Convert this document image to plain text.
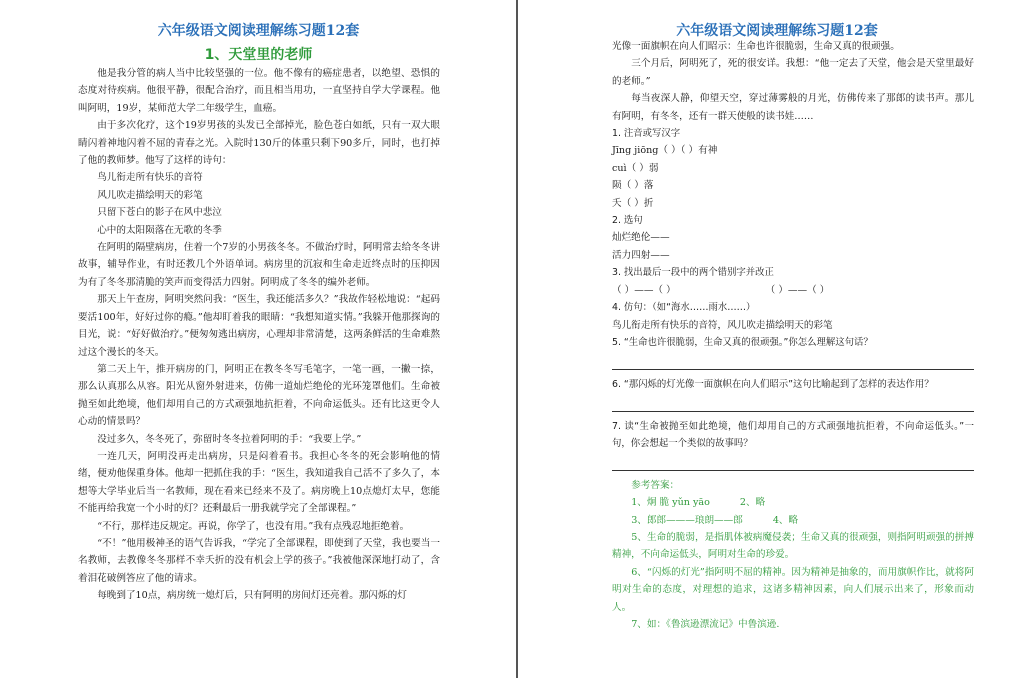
六年级语文阅读理解练习题12套
1、天堂里的老师

他是我分管的病人当中比较坚强的一位。他不像有的癌症患者，以绝望、恐惧的态度对待疾病。他很平静，很配合治疗，而且相当用功，一直坚持自学大学课程。他叫阿明，19岁，某师范大学二年级学生，血癌。

由于多次化疗，这个19岁男孩的头发已全部掉光，脸色苍白如纸，只有一双大眼睛闪着神地闪着不屈的青春之光。入院时130斤的体重只剩下90多斤，同时，也打掉了他的教师梦。他写了这样的诗句：

鸟儿衔走所有快乐的音符

风儿吹走描绘明天的彩笔

只留下苍白的影子在风中悲泣

心中的太阳陨落在无歌的冬季

在阿明的隔壁病房，住着一个7岁的小男孩冬冬。不做治疗时，阿明常去给冬冬讲故事，辅导作业，有时还教几个外语单词。病房里的沉寂和生命走近终点时的压抑因为有了冬冬那清脆的笑声而变得活力四射。阿明成了冬冬的编外老师。

那天上午查房，阿明突然问我：“医生，我还能活多久？”我故作轻松地说：“起码要活100年，好好过你的瘾。”他却盯着我的眼睛：“我想知道实情。”我躲开他那探询的目光，说：“好好做治疗。”便匆匆逃出病房，心理却非常清楚，这两条鲜活的生命难熬过这个漫长的冬天。

第二天上午，推开病房的门，阿明正在教冬冬写毛笔字，一笔一画，一撇一捺，那么认真那么从容。阳光从窗外射进来，仿佛一道灿烂绝伦的光环笼罩他们。生命被抛至如此绝境，他们却用自己的方式顽强地抗拒着，不向命运低头。还有比这更令人心动的情景吗？

没过多久，冬冬死了，弥留时冬冬拉着阿明的手：“我要上学。”

一连几天，阿明没再走出病房，只是闷着看书。我担心冬冬的死会影响他的情绪，便劝他保重身体。他却一把抓住我的手：“医生，我知道我自己活不了多久了，本想等大学毕业后当一名教师，现在看来已经来不及了。病房晚上10点熄灯太早，您能不能再给我宽一个小时的灯？还剩最后一册我就学完了全部课程。”

“不行，那样违反规定。再说，你学了，也没有用。”我有点残忍地拒绝着。

“不！”他用极神圣的语气告诉我，“学完了全部课程，即使到了天堂，我也要当一名教师，去教像冬冬那样不幸夭折的没有机会上学的孩子。”我被他深深地打动了，含着泪花破例答应了他的请求。

每晚到了10点，病房统一熄灯后，只有阿明的房间灯还亮着。那闪烁的灯

六年级语文阅读理解练习题12套

光像一面旗帜在向人们昭示：生命也许很脆弱，生命又真的很顽强。

三个月后，阿明死了，死的很安详。我想：“他一定去了天堂，他会是天堂里最好的老师。”

每当夜深人静，仰望天空，穿过薄雾般的月光，仿佛传来了那郎的读书声。那儿有阿明，有冬冬，还有一群天使般的读书娃……

1. 注音或写汉字

Jīng jiōng（ ）（ ）有神

cuì（ ）弱

陨（ ）落

夭（ ）折

2. 选句

灿烂绝伦——

活力四射——

3. 找出最后一段中的两个错别字并改正

（ ）——（ ）	（ ）——（ ）

4. 仿句：（如“海水……雨水……）

鸟儿衔走所有快乐的音符，风儿吹走描绘明天的彩笔

5. “生命也许很脆弱，生命又真的很顽强。”你怎么理解这句话？

6. “那闪烁的灯光像一面旗帜在向人们昭示”这句比喻起到了怎样的表达作用？

7. 读“生命被抛至如此绝境，他们却用自己的方式顽强地抗拒着，不向命运低头。”一句，你会想起一个类似的故事吗？

参考答案：

1、炯 脆 yǔn yāo	2、略
3、郎郎———琅朗——郎	4、略

5、生命的脆弱，是指肌体被病魔侵袭；生命又真的很顽强，则指阿明顽强的拼搏精神，不向命运低头，阿明对生命的珍爱。

6、“闪烁的灯光”指阿明不屈的精神。因为精神是抽象的，而用旗帜作比，就将阿明对生命的态度，对理想的追求，这诸多精神因素，向人们展示出来了，形象而动人。

7、如：《鲁滨逊漂流记》中鲁滨逊.
